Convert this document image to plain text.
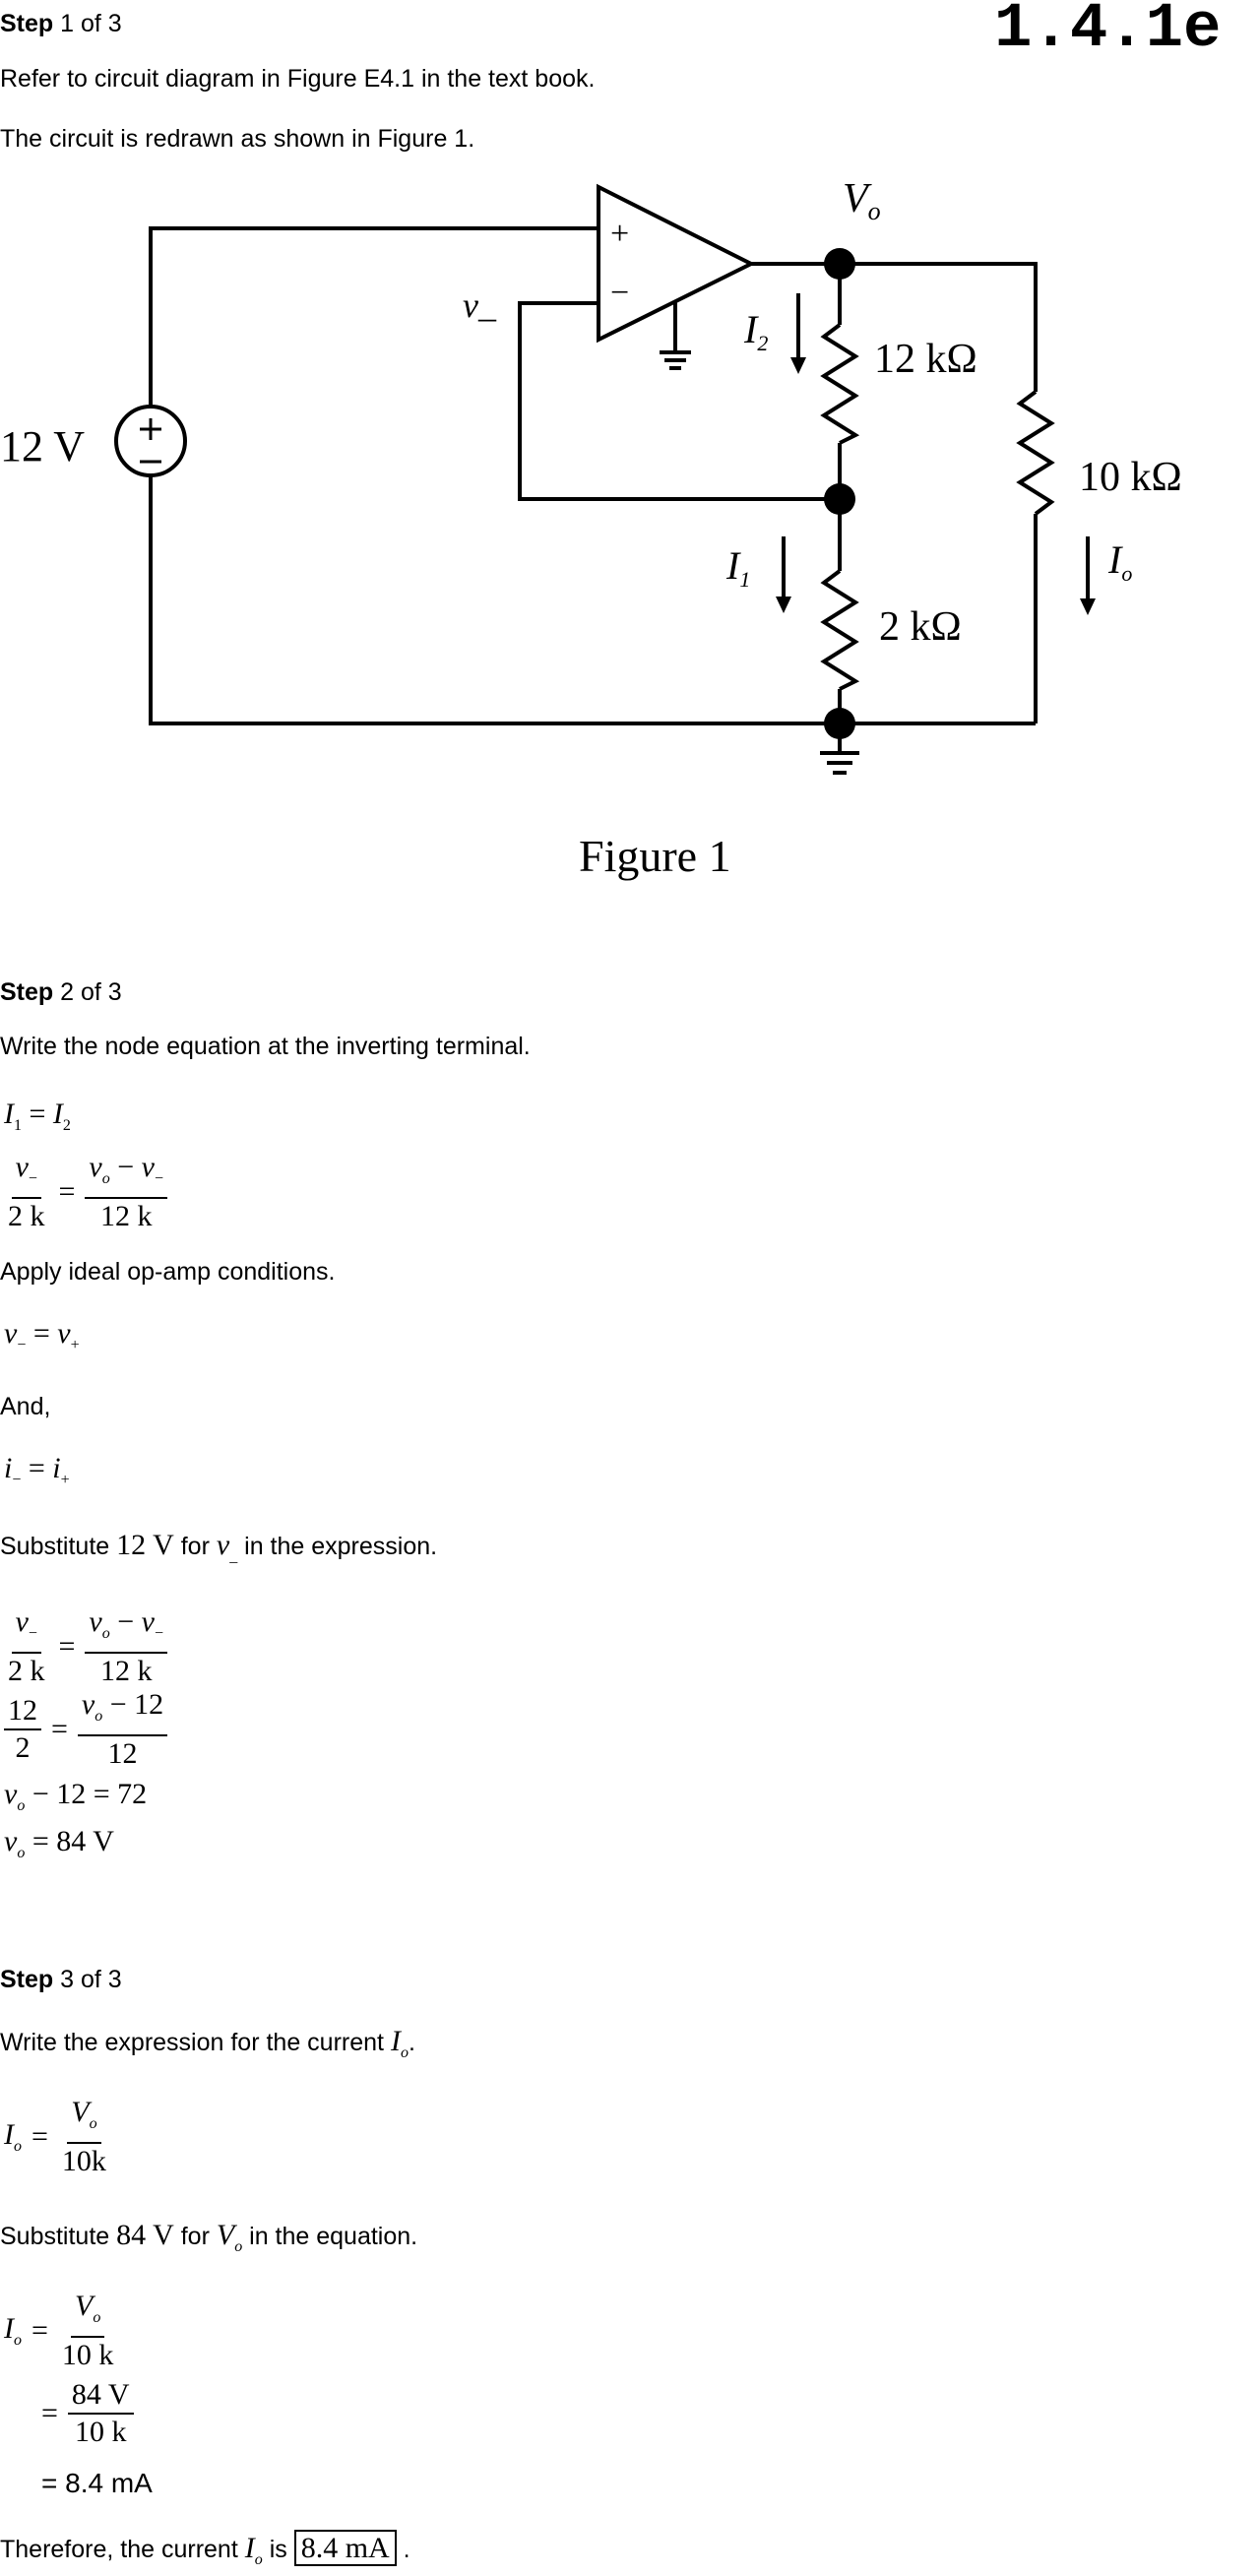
1.4.1e
Step 1 of 3
Refer to circuit diagram in Figure E4.1 in the text book.
The circuit is redrawn as shown in Figure 1.
+
−
12 V
Vo
v_
$I_2$	12 kΩ
10 kΩ
$I_1$	$I_o$
2 kΩ
Figure 1
Step 2 of 3
Write the node equation at the inverting terminal.
$I_1 = I_2$
$\frac{v_-}{2 k} = \frac{v_o - v_-}{12 k}$
Apply ideal op-amp conditions.
$v_- = v_+$
And,
$i_- = i_+$
Substitute 12 V for $v_{\_}$ in the expression.
$\frac{v_-}{2 k} = \frac{v_o - v_-}{12 k}$
$\frac{12}{2} = \frac{v_o - 12}{12}$
$v_o - 12 = 72$
$v_o = 84$ V
Step 3 of 3
Write the expression for the current $I_o$.
$I_o = \frac{V_o}{10k}$
Substitute 84 V for $V_o$ in the equation.
$I_o = \frac{V_o}{10 k}$
= $\frac{84 V}{10 k}$
= 8.4 mA
Therefore, the current $I_o$ is 8.4 mA .
